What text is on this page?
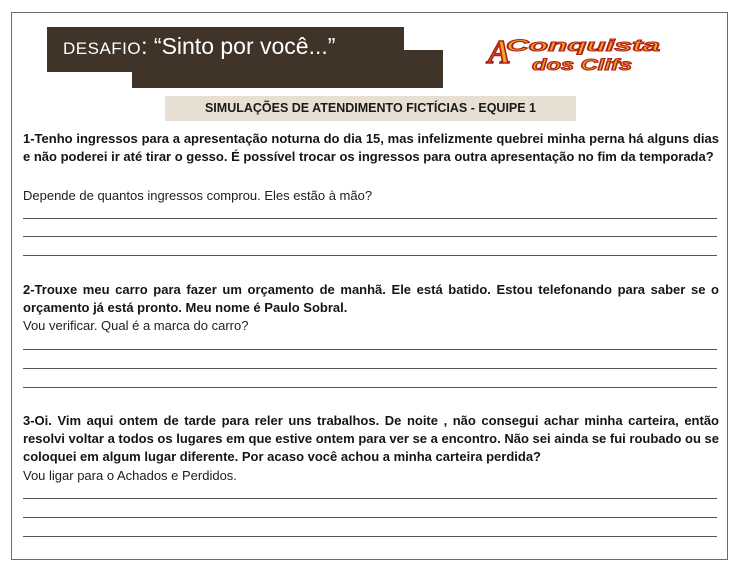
DESAFIO: “Sinto por você...”	A
Conquista
dos Clifs
SIMULAÇÕES DE ATENDIMENTO FICTÍCIAS - EQUIPE 1
1-Tenho ingressos para a apresentação noturna do dia 15, mas infelizmente quebrei minha perna há alguns dias e não poderei ir até tirar o gesso. É possível trocar os ingressos para outra apresentação no fim da temporada?
Depende de quantos ingressos comprou. Eles estão à mão?
2-Trouxe meu carro para fazer um orçamento de manhã. Ele está batido. Estou telefonando para saber se o orçamento já está pronto. Meu nome é Paulo Sobral.
Vou verificar. Qual é a marca do carro?
3-Oi. Vim aqui ontem de tarde para reler uns trabalhos. De noite , não consegui achar minha carteira, então resolvi voltar a todos os lugares em que estive ontem para ver se a encontro. Não sei ainda se fui roubado ou se coloquei em algum lugar diferente. Por acaso você achou a minha carteira perdida?
Vou ligar para o Achados e Perdidos.
